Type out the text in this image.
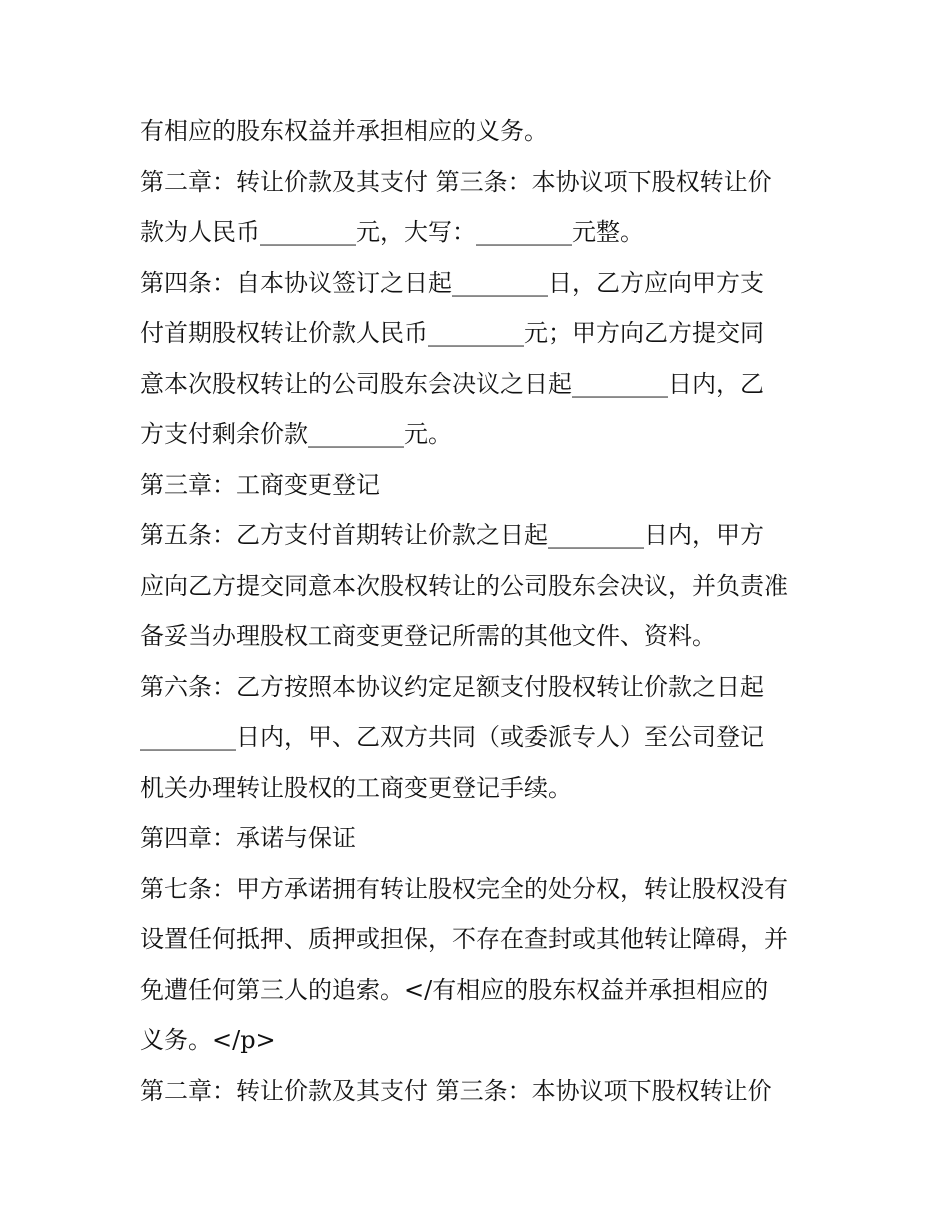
有相应的股东权益并承担相应的义务。
第二章：转让价款及其支付 第三条：本协议项下股权转让价
款为人民币________元，大写：________元整。
第四条：自本协议签订之日起________日，乙方应向甲方支
付首期股权转让价款人民币________元；甲方向乙方提交同
意本次股权转让的公司股东会决议之日起________日内，乙
方支付剩余价款________元。
第三章：工商变更登记
第五条：乙方支付首期转让价款之日起________日内，甲方
应向乙方提交同意本次股权转让的公司股东会决议，并负责准
备妥当办理股权工商变更登记所需的其他文件、资料。
第六条：乙方按照本协议约定足额支付股权转让价款之日起
________日内，甲、乙双方共同（或委派专人）至公司登记
机关办理转让股权的工商变更登记手续。
第四章：承诺与保证
第七条：甲方承诺拥有转让股权完全的处分权，转让股权没有
设置任何抵押、质押或担保，不存在查封或其他转让障碍，并
免遭任何第三人的追索。</有相应的股东权益并承担相应的
义务。</p>
第二章：转让价款及其支付 第三条：本协议项下股权转让价
